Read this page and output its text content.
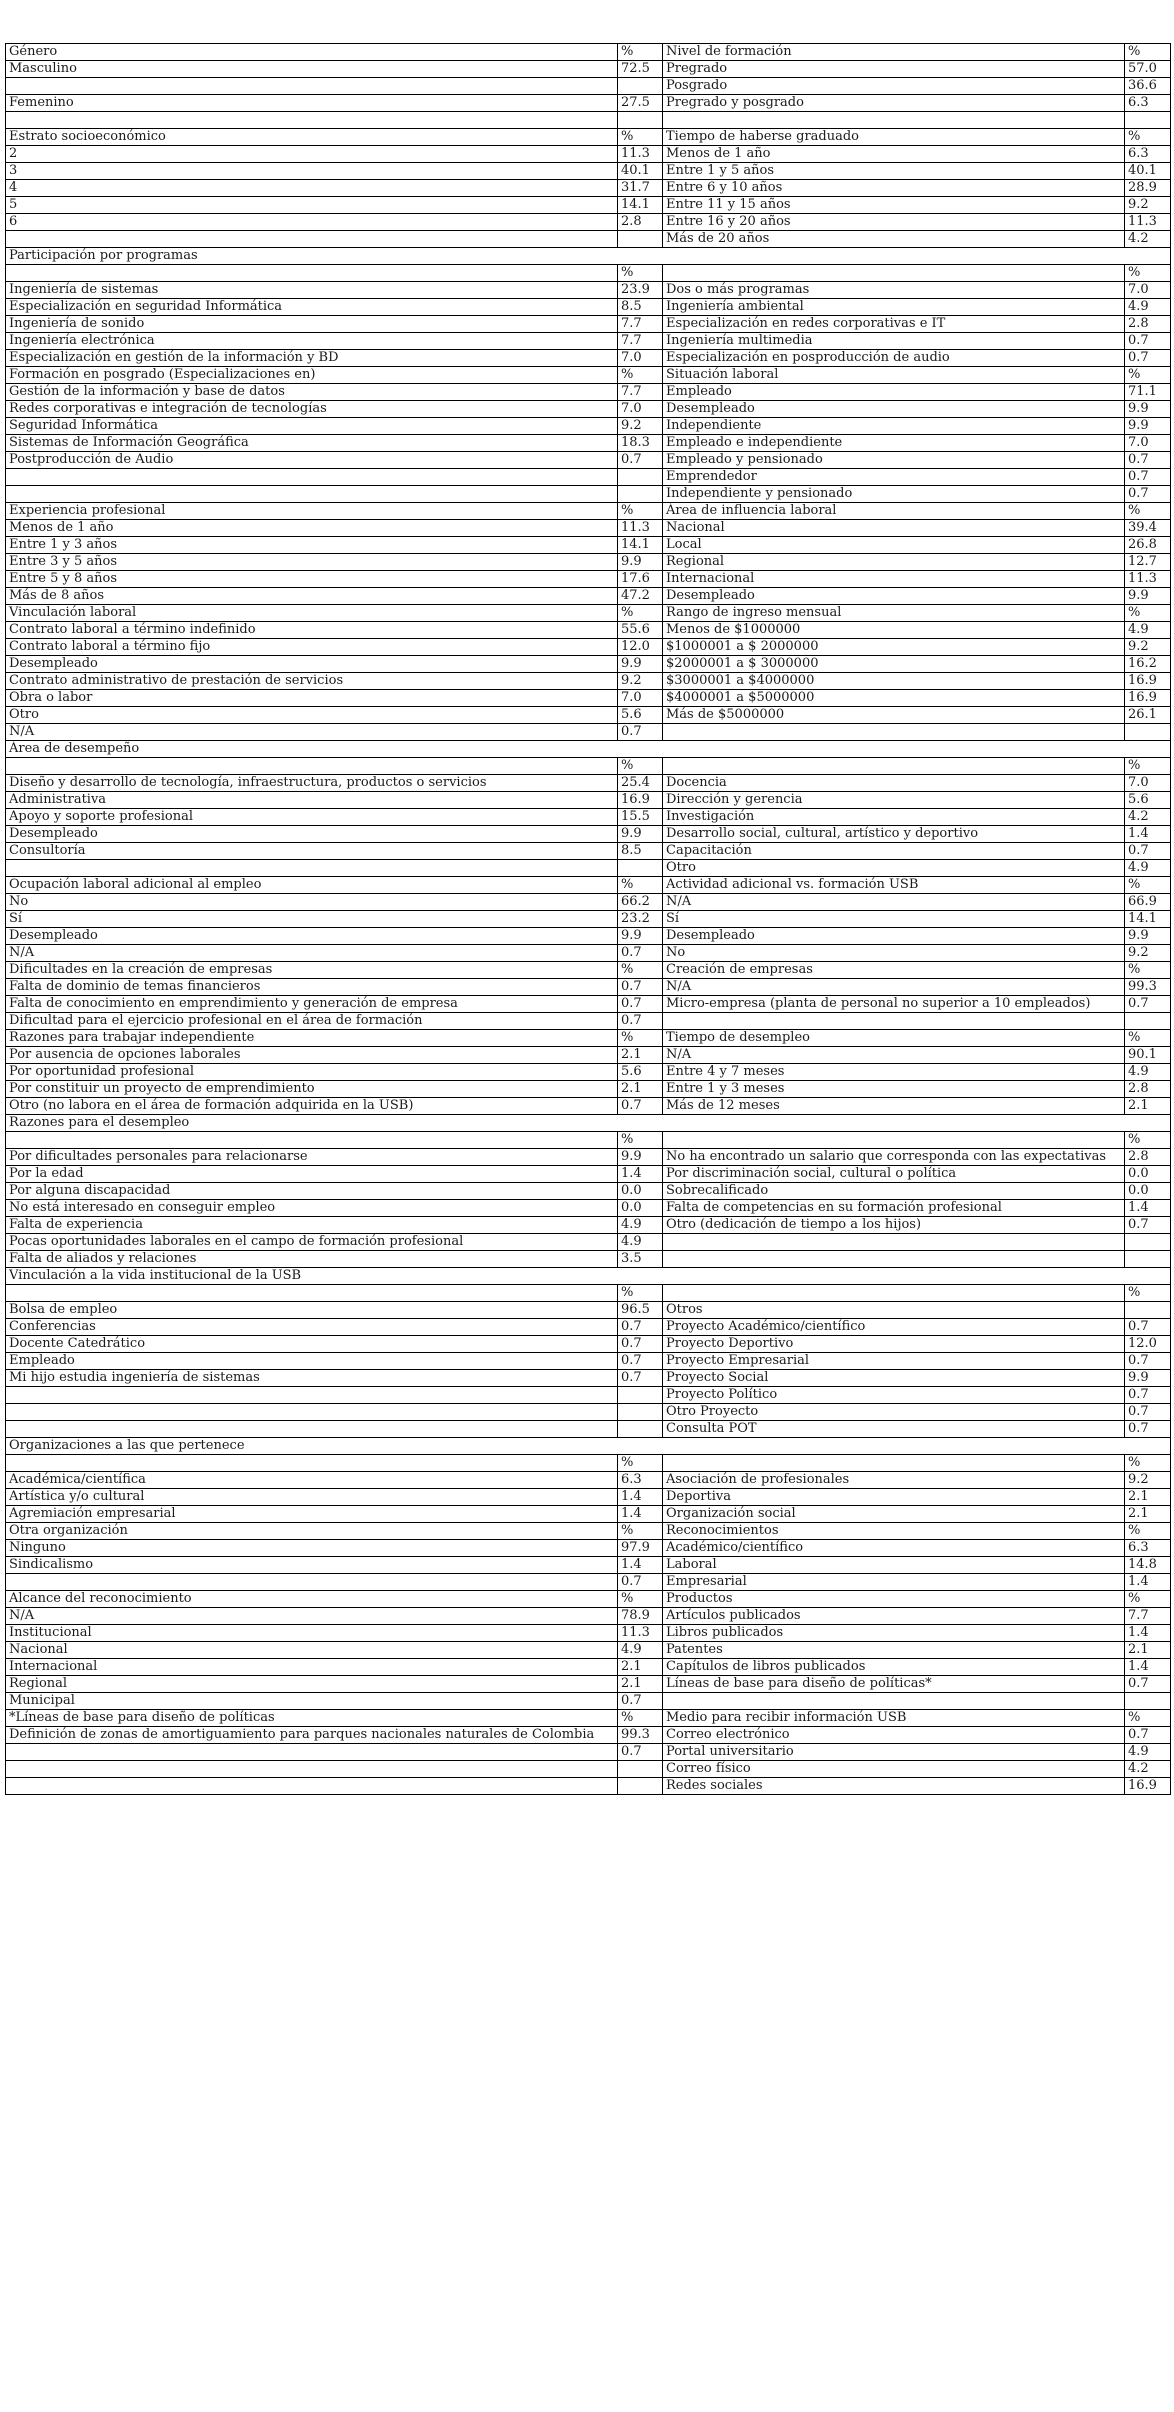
Género	%	Nivel de formación	%
Masculino	72.5	Pregrado	57.0
		Posgrado	36.6
Femenino	27.5	Pregrado y posgrado	6.3

Estrato socioeconómico	%	Tiempo de haberse graduado	%
2	11.3	Menos de 1 año	6.3
3	40.1	Entre 1 y 5 años	40.1
4	31.7	Entre 6 y 10 años	28.9
5	14.1	Entre 11 y 15 años	9.2
6	2.8	Entre 16 y 20 años	11.3
		Más de 20 años	4.2
Participación por programas			
	%		%
Ingeniería de sistemas	23.9	Dos o más programas	7.0
Especialización en seguridad Informática	8.5	Ingeniería ambiental	4.9
Ingeniería de sonido	7.7	Especialización en redes corporativas e IT	2.8
Ingeniería electrónica	7.7	Ingeniería multimedia	0.7
Especialización en gestión de la información y BD	7.0	Especialización en posproducción de audio	0.7
Formación en posgrado (Especializaciones en)	%	Situación laboral	%
Gestión de la información y base de datos	7.7	Empleado	71.1
Redes corporativas e integración de tecnologías	7.0	Desempleado	9.9
Seguridad Informática	9.2	Independiente	9.9
Sistemas de Información Geográfica	18.3	Empleado e independiente	7.0
Postproducción de Audio	0.7	Empleado y pensionado	0.7
		Emprendedor	0.7
		Independiente y pensionado	0.7
Experiencia profesional	%	Área de influencia laboral	%
Menos de 1 año	11.3	Nacional	39.4
Entre 1 y 3 años	14.1	Local	26.8
Entre 3 y 5 años	9.9	Regional	12.7
Entre 5 y 8 años	17.6	Internacional	11.3
Más de 8 años	47.2	Desempleado	9.9
Vinculación laboral	%	Rango de ingreso mensual	%
Contrato laboral a término indefinido	55.6	Menos de $1000000	4.9
Contrato laboral a término fijo	12.0	$1000001 a $ 2000000	9.2
Desempleado	9.9	$2000001 a $ 3000000	16.2
Contrato administrativo de prestación de servicios	9.2	$3000001 a $4000000	16.9
Obra o labor	7.0	$4000001 a $5000000	16.9
Otro	5.6	Más de $5000000	26.1
N/A	0.7		
Área de desempeño			
	%		%
Diseño y desarrollo de tecnología, infraestructura, productos o servicios	25.4	Docencia	7.0
Administrativa	16.9	Dirección y gerencia	5.6
Apoyo y soporte profesional	15.5	Investigación	4.2
Desempleado	9.9	Desarrollo social, cultural, artístico y deportivo	1.4
Consultoría	8.5	Capacitación	0.7
		Otro	4.9
Ocupación laboral adicional al empleo	%	Actividad adicional vs. formación USB	%
No	66.2	N/A	66.9
Sí	23.2	Sí	14.1
Desempleado	9.9	Desempleado	9.9
N/A	0.7	No	9.2
Dificultades en la creación de empresas	%	Creación de empresas	%
Falta de dominio de temas financieros	0.7	N/A	99.3
Falta de conocimiento en emprendimiento y generación de empresa	0.7	Micro-empresa (planta de personal no superior a 10 empleados)	0.7
Dificultad para el ejercicio profesional en el área de formación	0.7		
Razones para trabajar independiente	%	Tiempo de desempleo	%
Por ausencia de opciones laborales	2.1	N/A	90.1
Por oportunidad profesional	5.6	Entre 4 y 7 meses	4.9
Por constituir un proyecto de emprendimiento	2.1	Entre 1 y 3 meses	2.8
Otro (no labora en el área de formación adquirida en la USB)	0.7	Más de 12 meses	2.1
Razones para el desempleo			
	%		%
Por dificultades personales para relacionarse	9.9	No ha encontrado un salario que corresponda con las expectativas	2.8
Por la edad	1.4	Por discriminación social, cultural o política	0.0
Por alguna discapacidad	0.0	Sobrecalificado	0.0
No está interesado en conseguir empleo	0.0	Falta de competencias en su formación profesional	1.4
Falta de experiencia	4.9	Otro (dedicación de tiempo a los hijos)	0.7
Pocas oportunidades laborales en el campo de formación profesional	4.9		
Falta de aliados y relaciones	3.5		
Vinculación a la vida institucional de la USB			
	%		%
Bolsa de empleo	96.5	Otros	
Conferencias	0.7	Proyecto Académico/científico	0.7
Docente Catedrático	0.7	Proyecto Deportivo	12.0
Empleado	0.7	Proyecto Empresarial	0.7
Mi hijo estudia ingeniería de sistemas	0.7	Proyecto Social	9.9
		Proyecto Político	0.7
		Otro Proyecto	0.7
		Consulta POT	0.7
Organizaciones a las que pertenece			
	%		%
Académica/científica	6.3	Asociación de profesionales	9.2
Artística y/o cultural	1.4	Deportiva	2.1
Agremiación empresarial	1.4	Organización social	2.1
Otra organización	%	Reconocimientos	%
Ninguno	97.9	Académico/científico	6.3
Sindicalismo	1.4	Laboral	14.8
	0.7	Empresarial	1.4
Alcance del reconocimiento	%	Productos	%
N/A	78.9	Artículos publicados	7.7
Institucional	11.3	Libros publicados	1.4
Nacional	4.9	Patentes	2.1
Internacional	2.1	Capítulos de libros publicados	1.4
Regional	2.1	Líneas de base para diseño de políticas*	0.7
Municipal	0.7		
*Líneas de base para diseño de políticas	%	Medio para recibir información USB	%
Definición de zonas de amortiguamiento para parques nacionales naturales de Colombia	99.3	Correo electrónico	0.7
	0.7	Portal universitario	4.9
		Correo físico	4.2
		Redes sociales	16.9
